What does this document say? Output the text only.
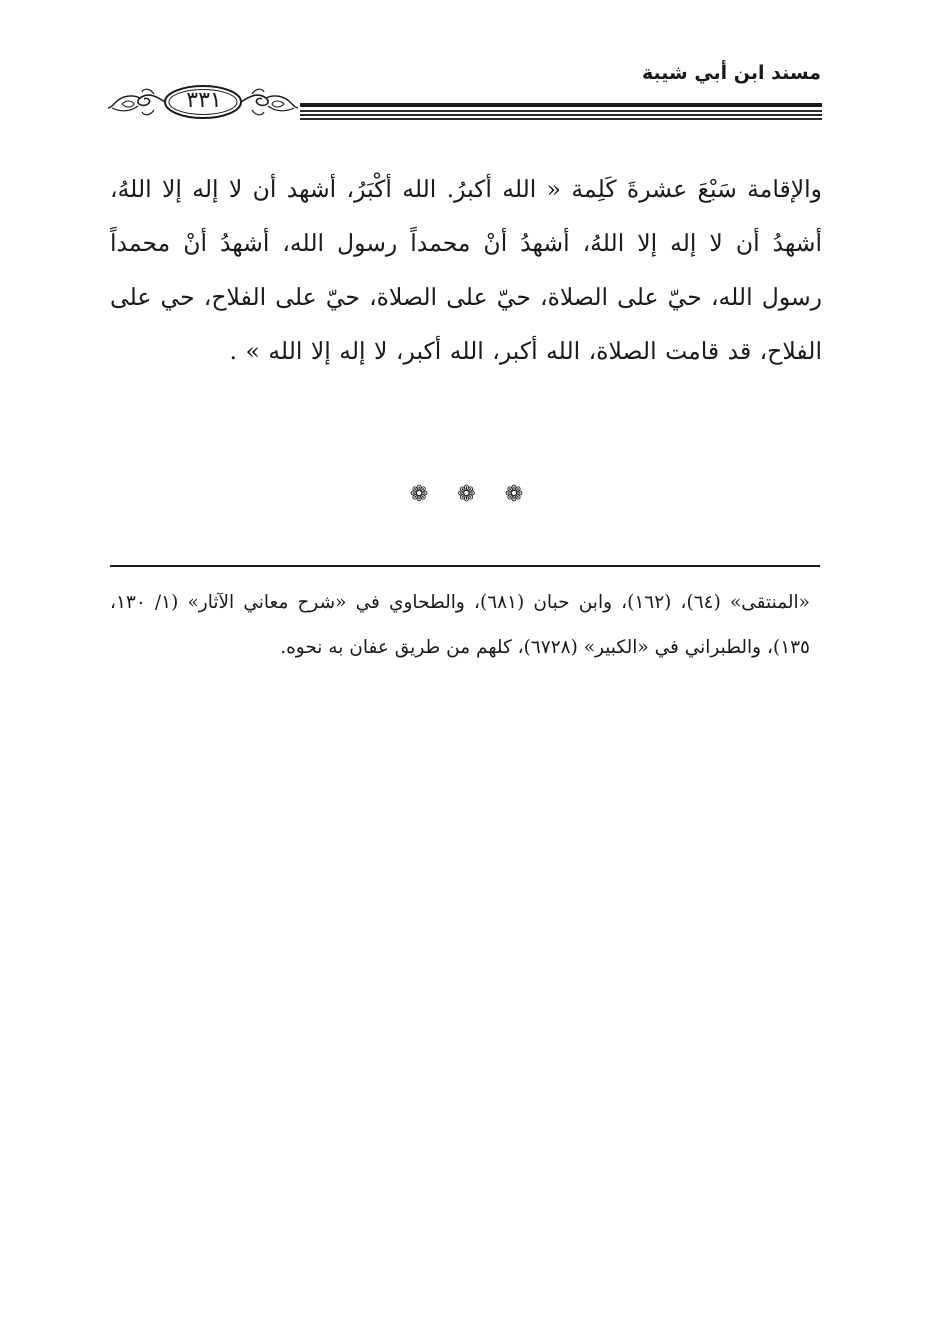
مسند ابن أبي شيبة
٣٣١
والإقامة سَبْعَ عشرةَ كَلِمة « الله أكبرُ. الله أكْبَرُ، أشهد أن لا إله إلا اللهُ، أشهدُ أن لا إله إلا اللهُ، أشهدُ أنْ محمداً رسول الله، أشهدُ أنْ محمداً رسول الله، حيّ على الصلاة، حيّ على الصلاة، حيّ على الفلاح، حي على الفلاح، قد قامت الصلاة، الله أكبر، الله أكبر، لا إله إلا الله » .
❁ ❁ ❁
«المنتقى» (٦٤)، (١٦٢)، وابن حبان (٦٨١)، والطحاوي في «شرح معاني الآثار» (١/ ١٣٠، ١٣٥)، والطبراني في «الكبير» (٦٧٢٨)، كلهم من طريق عفان به نحوه.
